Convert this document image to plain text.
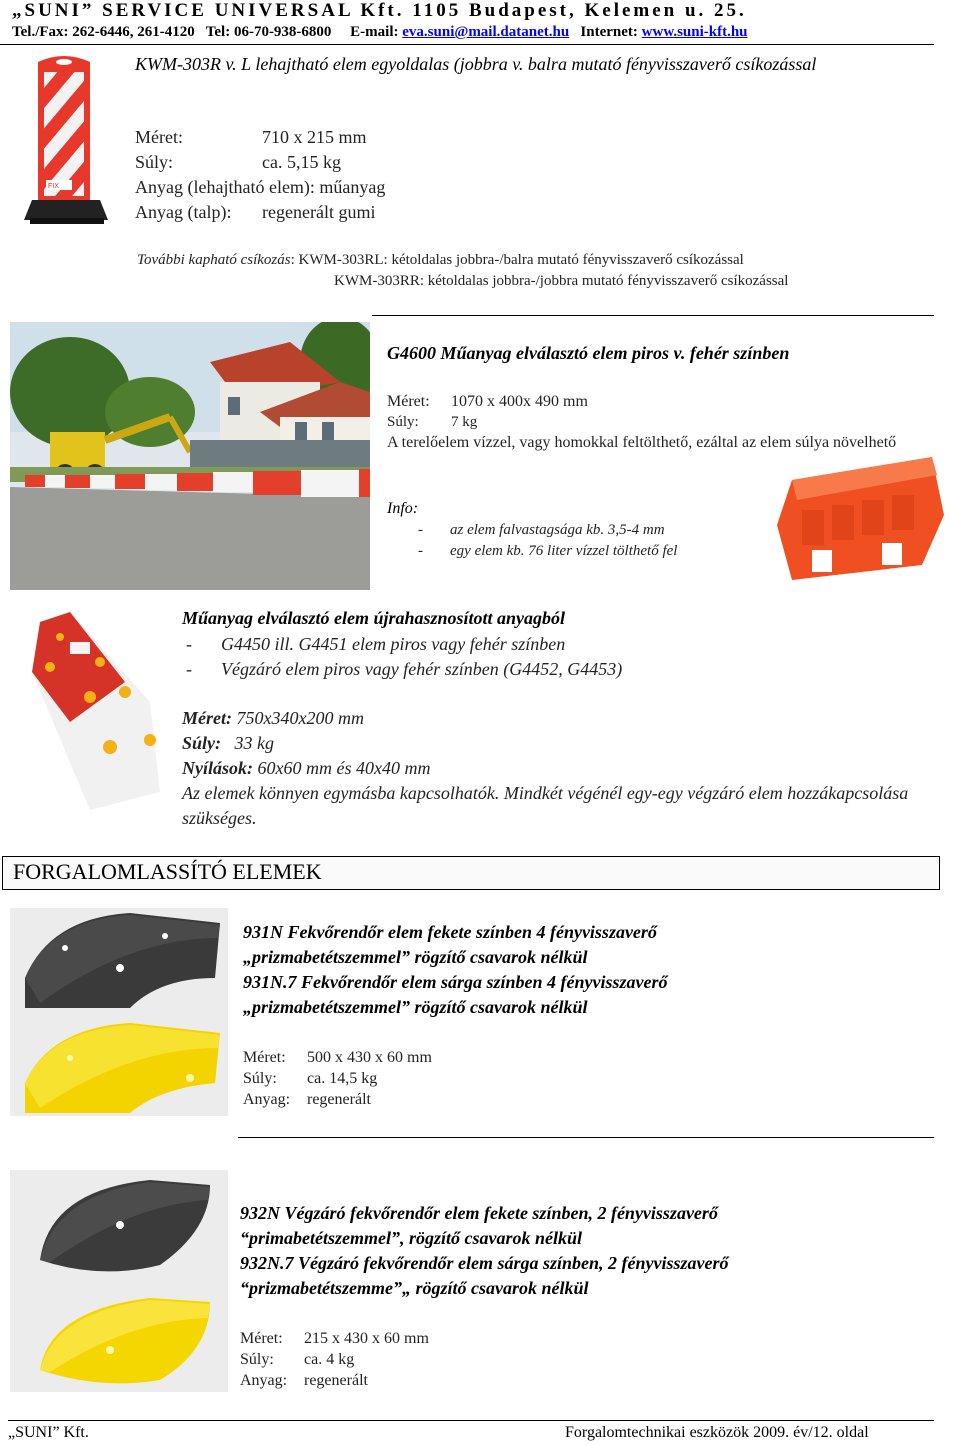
„SUNI” SERVICE UNIVERSAL Kft. 1105 Budapest, Kelemen u. 25.
Tel./Fax: 262-6446, 261-4120   Tel: 06-70-938-6800     E-mail: eva.suni@mail.datanet.hu   Internet: www.suni-kft.hu
FIX
KWM-303R v. L lehajtható elem egyoldalas (jobbra v. balra mutató fényvisszaverő csíkozással
Méret:	710 x 215 mm
Súly:	ca. 5,15 kg
Anyag (lehajtható elem): műanyag
Anyag (talp):	regenerált gumi
További kapható csíkozás: KWM-303RL: kétoldalas jobbra-/balra mutató fényvisszaverő csíkozással
KWM-303RR: kétoldalas jobbra-/jobbra mutató fényvisszaverő csíkozással
G4600 Műanyag elválasztó elem piros v. fehér színben
Méret:	1070 x 400x 490 mm
Súly:	7 kg
A terelőelem vízzel, vagy homokkal feltölthető, ezáltal az elem súlya növelhető
Info:
- az elem falvastagsága kb. 3,5-4 mm
- egy elem kb. 76 liter vízzel tölthető fel
Műanyag elválasztó elem újrahasznosított anyagból
- G4450 ill. G4451 elem piros vagy fehér színben
- Végzáró elem piros vagy fehér színben (G4452, G4453)
Méret: 750x340x200 mm
Súly:   33 kg
Nyílások: 60x60 mm és 40x40 mm
Az elemek könnyen egymásba kapcsolhatók. Mindkét végénél egy-egy végzáró elem hozzákapcsolása szükséges.
FORGALOMLASSÍTÓ ELEMEK
931N Fekvőrendőr elem fekete színben 4 fényvisszaverő
„prizmabetétszemmel” rögzítő csavarok nélkül
931N.7 Fekvőrendőr elem sárga színben 4 fényvisszaverő
„prizmabetétszemmel” rögzítő csavarok nélkül
Méret:	500 x 430 x 60 mm
Súly:	ca. 14,5 kg
Anyag:	regenerált
932N Végzáró fekvőrendőr elem fekete színben, 2 fényvisszaverő
“primabetétszemmel”, rögzítő csavarok nélkül
932N.7 Végzáró fekvőrendőr elem sárga színben, 2 fényvisszaverő
“prizmabetétszemme”„ rögzítő csavarok nélkül
Méret:	215 x 430 x 60 mm
Súly:	ca. 4 kg
Anyag:	regenerált
„SUNI” Kft.	Forgalomtechnikai eszközök 2009. év/12. oldal
